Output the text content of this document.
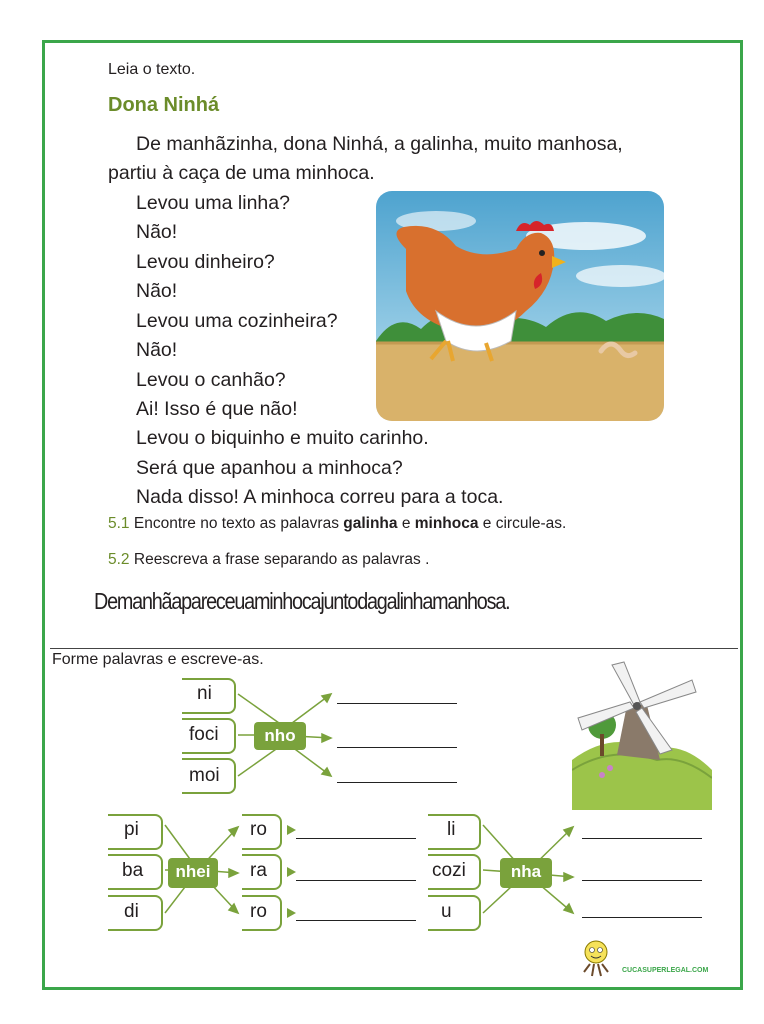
Leia o texto.
Dona Ninhá
De manhãzinha, dona Ninhá, a galinha, muito manhosa,
partiu à caça de uma minhoca.
Levou uma linha?
Não!
Levou dinheiro?
Não!
Levou uma cozinheira?
Não!
Levou o canhão?
Ai! Isso é que não!
Levou o biquinho e muito carinho.
Será que apanhou a minhoca?
Nada disso! A minhoca correu para a toca.
5.1 Encontre no texto as palavras galinha e minhoca e circule-as.
5.2 Reescreva a frase separando as palavras .
Demanhãapareceuaminhocajuntodagalinhamanhosa.
Forme palavras e escreve-as.
ni
foci
moi
nho
pi
ba
di
nhei
ro
ra
ro
li
cozi
u
nha
CUCASUPERLEGAL.COM
